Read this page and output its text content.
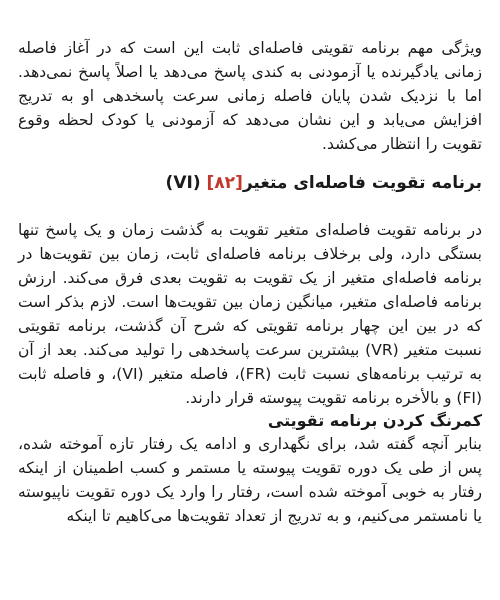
ویژگی مهم برنامه تقویتی فاصله‌ای ثابت این است که در آغاز فاصله زمانی یادگیرنده یا آزمودنی به کندی پاسخ می‌دهد یا اصلاً پاسخ نمی‌دهد. اما با نزدیک شدن پایان فاصله زمانی سرعت پاسخدهی او به تدریج افزایش می‌یابد و این نشان می‌دهد که آزمودنی یا کودک لحظه وقوع تقویت را انتظار می‌کشد.

برنامه تقویت فاصله‌ای متغیر[۸۲] (VI)

در برنامه تقویت فاصله‌ای متغیر تقویت به گذشت زمان و یک پاسخ تنها بستگی دارد، ولی برخلاف برنامه فاصله‌ای ثابت، زمان بین تقویت‌ها در برنامه فاصله‌ای متغیر از یک تقویت به تقویت بعدی فرق می‌کند. ارزش برنامه فاصله‌ای متغیر، میانگین زمان بین تقویت‌ها است. لازم بذکر است که در بین این چهار برنامه تقویتی که شرح آن گذشت، برنامه تقویتی نسبت متغیر (VR) بیشترین سرعت پاسخدهی را تولید می‌کند. بعد از آن به ترتیب برنامه‌های نسبت ثابت (FR)، فاصله متغیر (VI)، و فاصله ثابت (FI) و بالأخره برنامه تقویت پیوسته قرار دارند.

کمرنگ کردن برنامه تقویتی

بنابر آنچه گفته شد، برای نگهداری و ادامه یک رفتار تازه آموخته شده، پس از طی یک دوره تقویت پیوسته یا مستمر و کسب اطمینان از اینکه رفتار به خوبی آموخته شده است، رفتار را وارد یک دوره تقویت ناپیوسته یا نامستمر می‌کنیم، و به تدریج از تعداد تقویت‌ها می‌کاهیم تا اینکه
